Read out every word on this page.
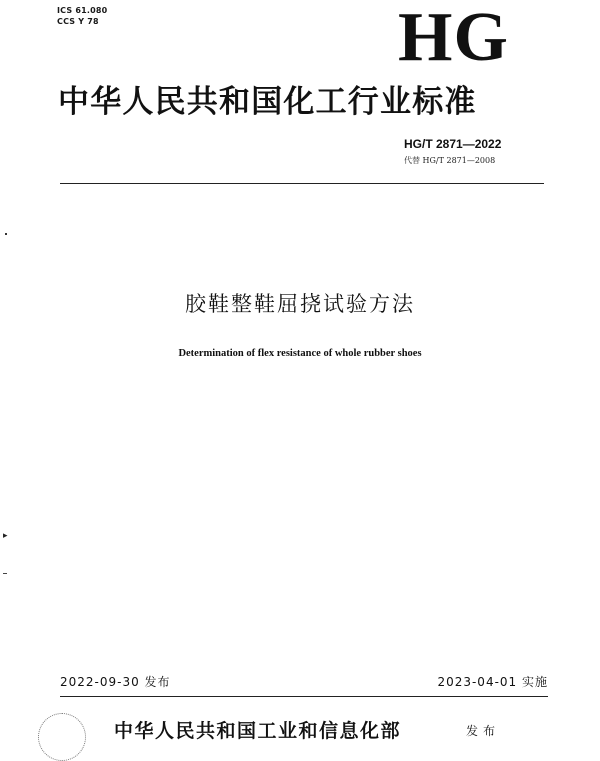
ICS 61.080
CCS Y 78	HG
中华人民共和国化工行业标准
HG/T 2871—2022
代替 HG/T 2871—2008
▸
胶鞋整鞋屈挠试验方法
Determination of flex resistance of whole rubber shoes
2022-09-30 发布	2023-04-01 实施
中华人民共和国工业和信息化部	发布
